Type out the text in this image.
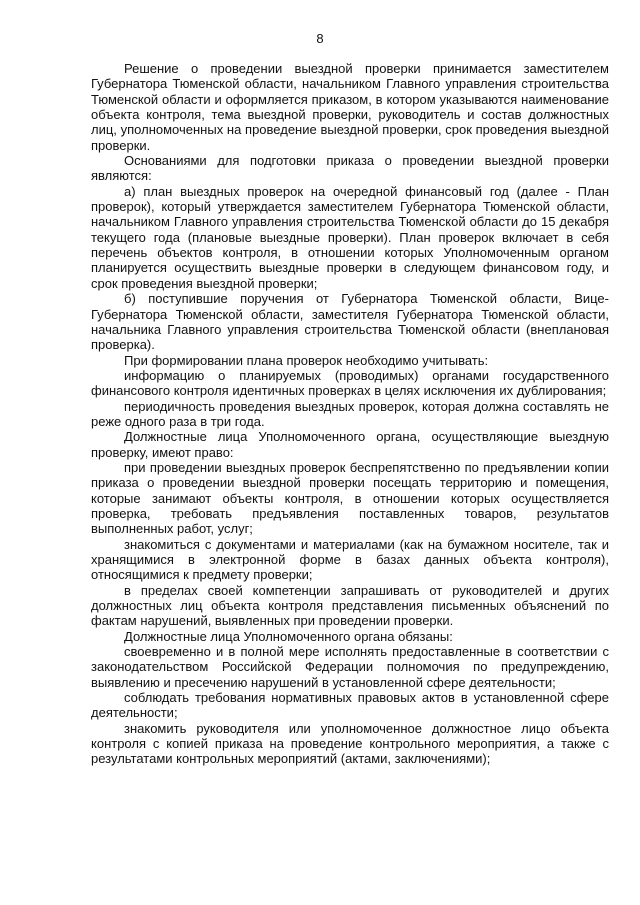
8

Решение о проведении выездной проверки принимается заместителем Губернатора Тюменской области, начальником Главного управления строительства Тюменской области и оформляется приказом, в котором указываются наименование объекта контроля, тема выездной проверки, руководитель и состав должностных лиц, уполномоченных на проведение выездной проверки, срок проведения выездной проверки.

Основаниями для подготовки приказа о проведении выездной проверки являются:

а) план выездных проверок на очередной финансовый год (далее - План проверок), который утверждается заместителем Губернатора Тюменской области, начальником Главного управления строительства Тюменской области до 15 декабря текущего года (плановые выездные проверки). План проверок включает в себя перечень объектов контроля, в отношении которых Уполномоченным органом планируется осуществить выездные проверки в следующем финансовом году, и срок проведения выездной проверки;

б) поступившие поручения от Губернатора Тюменской области, Вице-Губернатора Тюменской области, заместителя Губернатора Тюменской области, начальника Главного управления строительства Тюменской области (внеплановая проверка).

При формировании плана проверок необходимо учитывать:

информацию о планируемых (проводимых) органами государственного финансового контроля идентичных проверках в целях исключения их дублирования;

периодичность проведения выездных проверок, которая должна составлять не реже одного раза в три года.

Должностные лица Уполномоченного органа, осуществляющие выездную проверку, имеют право:

при проведении выездных проверок беспрепятственно по предъявлении копии приказа о проведении выездной проверки посещать территорию и помещения, которые занимают объекты контроля, в отношении которых осуществляется проверка, требовать предъявления поставленных товаров, результатов выполненных работ, услуг;

знакомиться с документами и материалами (как на бумажном носителе, так и хранящимися в электронной форме в базах данных объекта контроля), относящимися к предмету проверки;

в пределах своей компетенции запрашивать от руководителей и других должностных лиц объекта контроля представления письменных объяснений по фактам нарушений, выявленных при проведении проверки.

Должностные лица Уполномоченного органа обязаны:

своевременно и в полной мере исполнять предоставленные в соответствии с законодательством Российской Федерации полномочия по предупреждению, выявлению и пресечению нарушений в установленной сфере деятельности;

соблюдать требования нормативных правовых актов в установленной сфере деятельности;

знакомить руководителя или уполномоченное должностное лицо объекта контроля с копией приказа на проведение контрольного мероприятия, а также с результатами контрольных мероприятий (актами, заключениями);
